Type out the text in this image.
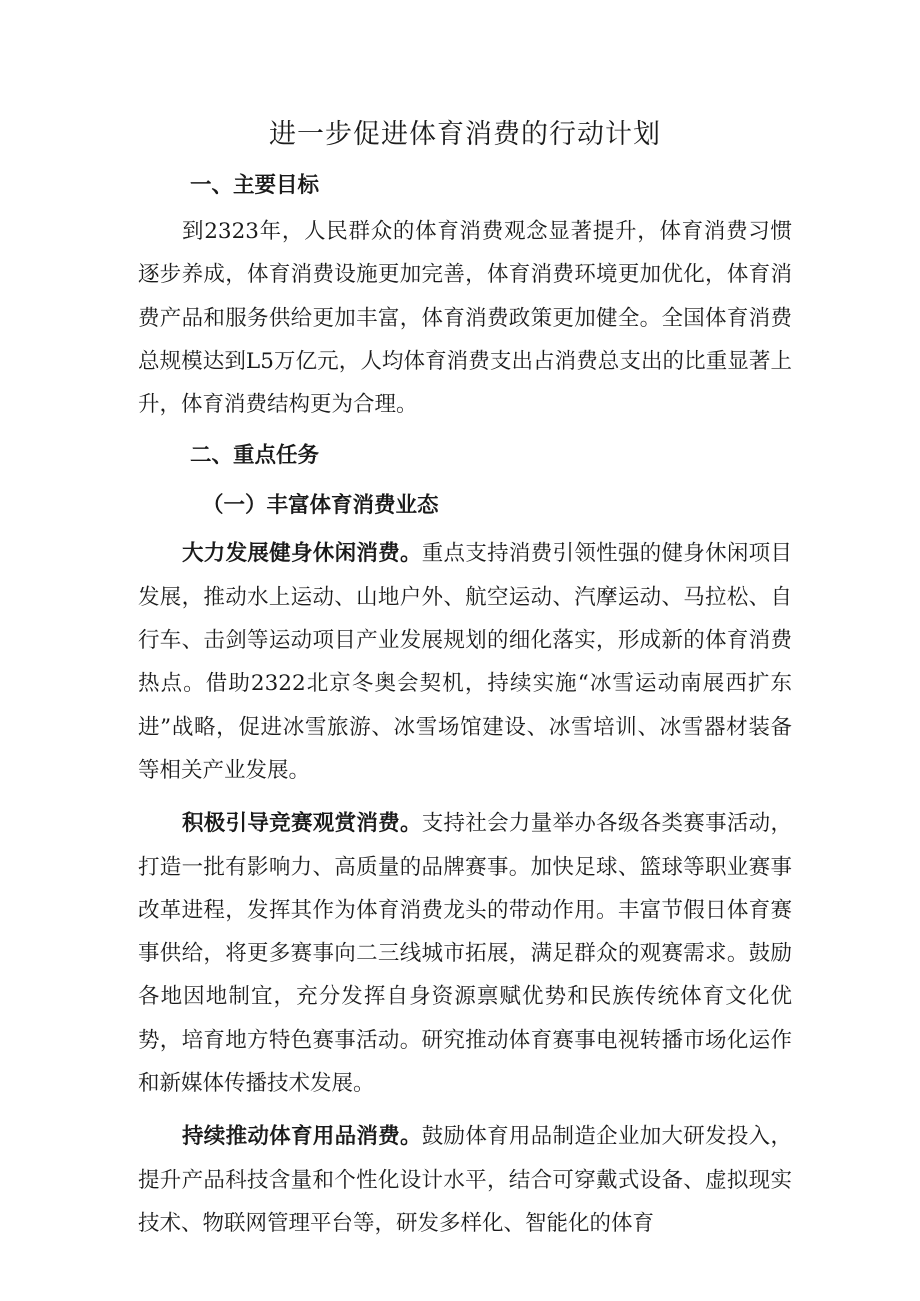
进一步促进体育消费的行动计划
一、主要目标

到2323年，人民群众的体育消费观念显著提升，体育消费习惯逐步养成，体育消费设施更加完善，体育消费环境更加优化，体育消费产品和服务供给更加丰富，体育消费政策更加健全。全国体育消费总规模达到L5万亿元，人均体育消费支出占消费总支出的比重显著上升，体育消费结构更为合理。

二、重点任务
（一）丰富体育消费业态

大力发展健身休闲消费。重点支持消费引领性强的健身休闲项目发展，推动水上运动、山地户外、航空运动、汽摩运动、马拉松、自行车、击剑等运动项目产业发展规划的细化落实，形成新的体育消费热点。借助2322北京冬奥会契机，持续实施“冰雪运动南展西扩东进”战略，促进冰雪旅游、冰雪场馆建设、冰雪培训、冰雪器材装备等相关产业发展。

积极引导竞赛观赏消费。支持社会力量举办各级各类赛事活动，打造一批有影响力、高质量的品牌赛事。加快足球、篮球等职业赛事改革进程，发挥其作为体育消费龙头的带动作用。丰富节假日体育赛事供给，将更多赛事向二三线城市拓展，满足群众的观赛需求。鼓励各地因地制宜，充分发挥自身资源禀赋优势和民族传统体育文化优势，培育地方特色赛事活动。研究推动体育赛事电视转播市场化运作和新媒体传播技术发展。

持续推动体育用品消费。鼓励体育用品制造企业加大研发投入，提升产品科技含量和个性化设计水平，结合可穿戴式设备、虚拟现实技术、物联网管理平台等，研发多样化、智能化的体育
